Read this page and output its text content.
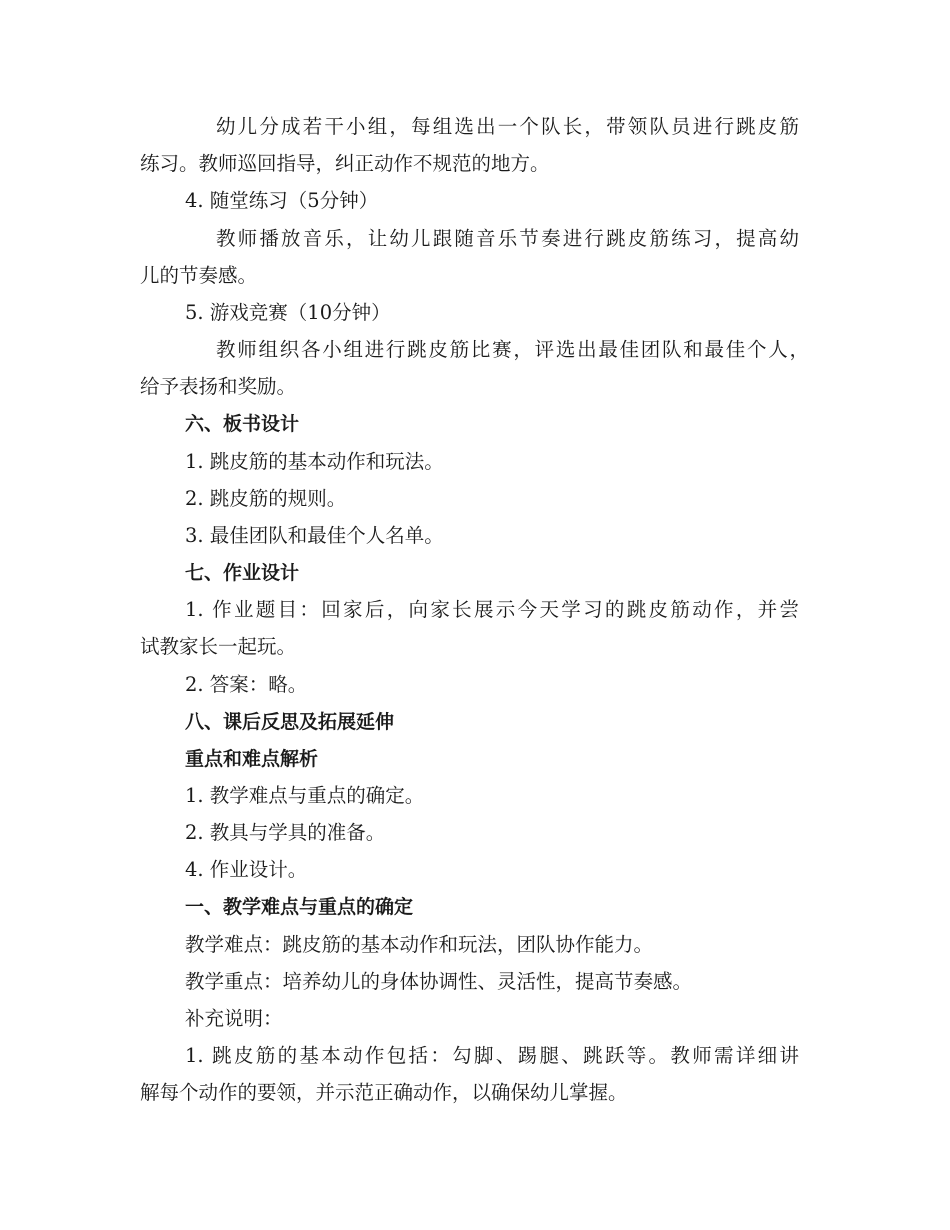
幼儿分成若干小组，每组选出一个队长，带领队员进行跳皮筋
练习。教师巡回指导，纠正动作不规范的地方。
4. 随堂练习（5分钟）
教师播放音乐，让幼儿跟随音乐节奏进行跳皮筋练习，提高幼
儿的节奏感。
5. 游戏竞赛（10分钟）
教师组织各小组进行跳皮筋比赛，评选出最佳团队和最佳个人，
给予表扬和奖励。
六、板书设计
1. 跳皮筋的基本动作和玩法。
2. 跳皮筋的规则。
3. 最佳团队和最佳个人名单。
七、作业设计
1. 作业题目：回家后，向家长展示今天学习的跳皮筋动作，并尝
试教家长一起玩。
2. 答案：略。
八、课后反思及拓展延伸
重点和难点解析
1. 教学难点与重点的确定。
2. 教具与学具的准备。
4. 作业设计。
一、教学难点与重点的确定
教学难点：跳皮筋的基本动作和玩法，团队协作能力。
教学重点：培养幼儿的身体协调性、灵活性，提高节奏感。
补充说明：
1. 跳皮筋的基本动作包括：勾脚、踢腿、跳跃等。教师需详细讲
解每个动作的要领，并示范正确动作，以确保幼儿掌握。
